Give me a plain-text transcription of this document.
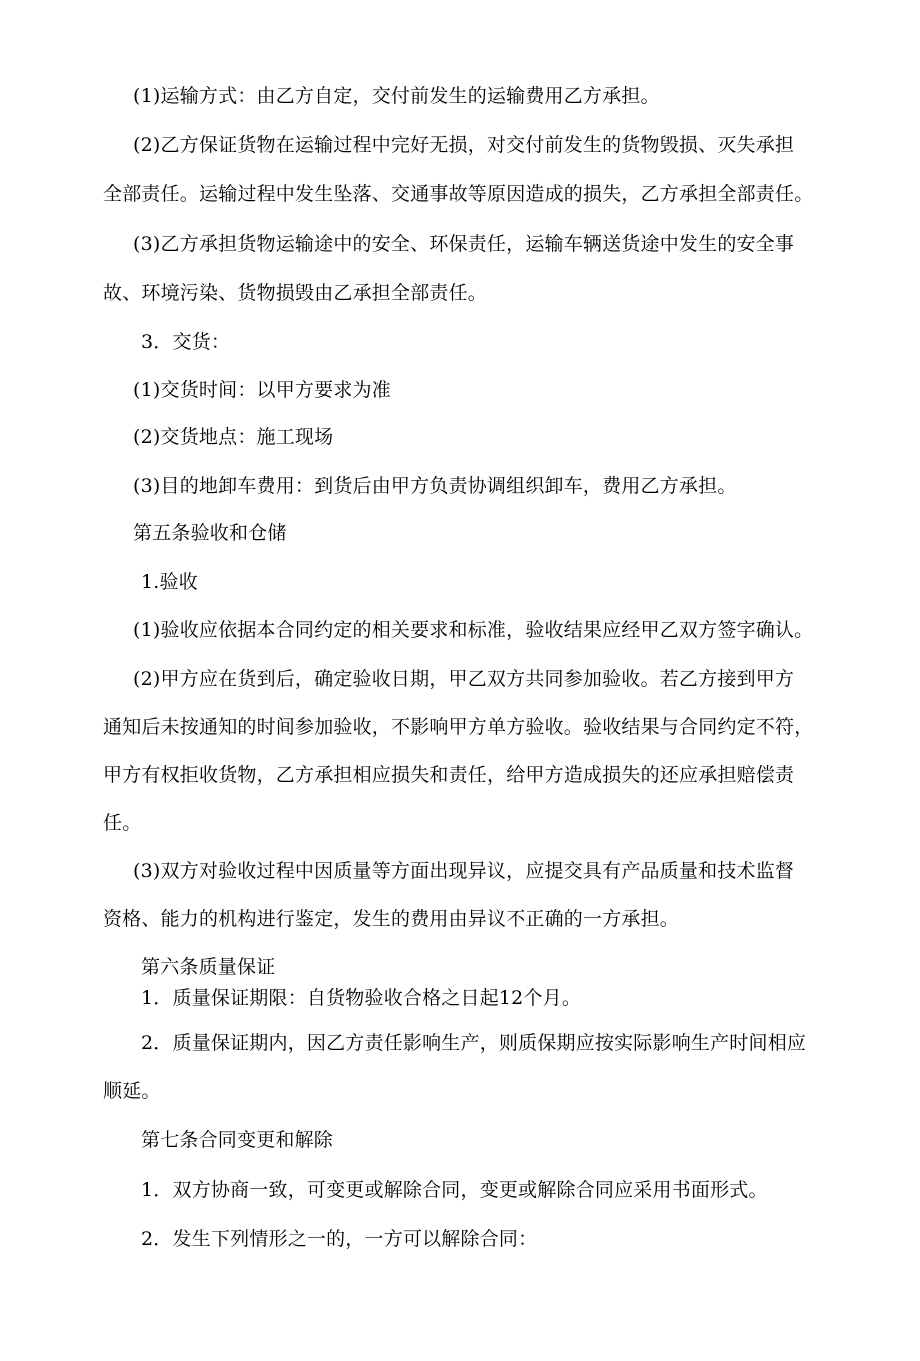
(1)运输方式：由乙方自定，交付前发生的运输费用乙方承担。
(2)乙方保证货物在运输过程中完好无损，对交付前发生的货物毁损、灭失承担
全部责任。运输过程中发生坠落、交通事故等原因造成的损失，乙方承担全部责任。
(3)乙方承担货物运输途中的安全、环保责任，运输车辆送货途中发生的安全事
故、环境污染、货物损毁由乙承担全部责任。
3．交货：
(1)交货时间：以甲方要求为准
(2)交货地点：施工现场
(3)目的地卸车费用：到货后由甲方负责协调组织卸车，费用乙方承担。
第五条验收和仓储
1.验收
(1)验收应依据本合同约定的相关要求和标准，验收结果应经甲乙双方签字确认。
(2)甲方应在货到后，确定验收日期，甲乙双方共同参加验收。若乙方接到甲方
通知后未按通知的时间参加验收，不影响甲方单方验收。验收结果与合同约定不符，
甲方有权拒收货物，乙方承担相应损失和责任，给甲方造成损失的还应承担赔偿责
任。
(3)双方对验收过程中因质量等方面出现异议，应提交具有产品质量和技术监督
资格、能力的机构进行鉴定，发生的费用由异议不正确的一方承担。
第六条质量保证
1．质量保证期限：自货物验收合格之日起12个月。
2．质量保证期内，因乙方责任影响生产，则质保期应按实际影响生产时间相应
顺延。
第七条合同变更和解除
1．双方协商一致，可变更或解除合同，变更或解除合同应采用书面形式。
2．发生下列情形之一的，一方可以解除合同：
